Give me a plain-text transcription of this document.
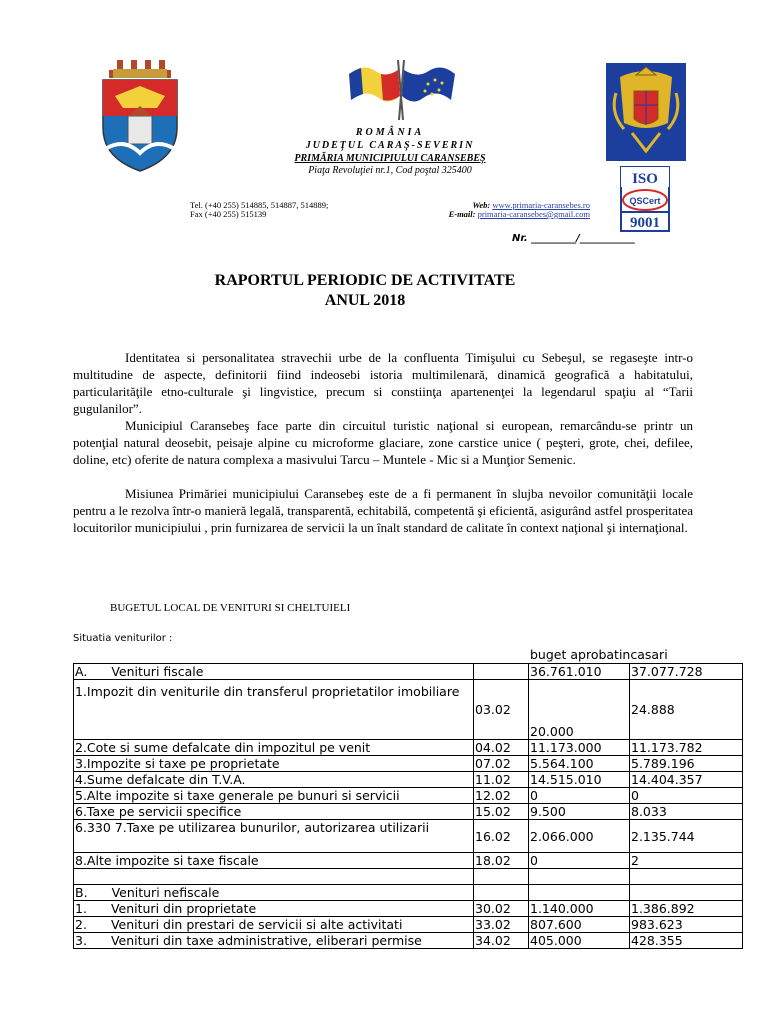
ISO
QSCert
9001
ROMÂNIA
JUDEŢUL CARAŞ-SEVERIN
PRIMĂRIA MUNICIPIULUI CARANSEBEŞ
Piaţa Revoluţiei nr.1, Cod poştal 325400
Tel. (+40 255) 514885, 514887, 514889;
Fax (+40 255) 515139
Web: www.primaria-caransebes.ro
E-mail: primaria-caransebes@gmail.com
Nr. _________/___________
RAPORTUL PERIODIC DE ACTIVITATE
ANUL 2018
Identitatea si personalitatea stravechii urbe de la confluenta Timişului cu Sebeşul, se regaseşte intr-o multitudine de aspecte, definitorii fiind indeosebi istoria multimilenară, dinamică geografică a habitatului, particularităţile etno-culturale şi lingvistice, precum si constiinţa apartenenţei la legendarul spaţiu al “Tarii gugulanilor”.
Municipiul Caransebeş face parte din circuitul turistic naţional si european, remarcându-se printr un potenţial natural deosebit, peisaje alpine cu microforme glaciare, zone carstice unice ( peşteri, grote, chei, defilee, doline, etc) oferite de natura complexa a masivului Tarcu – Muntele - Mic si a Munţior Semenic.
Misiunea Primăriei municipiului Caransebeş este de a fi permanent în slujba nevoilor comunităţii locale pentru a le rezolva într-o manieră legală, transparentă, echitabilă, competentă şi eficientă, asigurând astfel prosperitatea locuitorilor municipiului , prin furnizarea de servicii la un înalt standard de calitate în context naţional şi internaţional.
BUGETUL LOCAL DE VENITURI SI CHELTUIELI
Situatia veniturilor :
buget aprobatincasari
A. Venituri fiscale		36.761.010	37.077.728
1.Impozit din veniturile din transferul proprietatilor imobiliare	03.02	20.000	24.888
2.Cote si sume defalcate din impozitul pe venit	04.02	11.173.000	11.173.782
3.Impozite si taxe pe proprietate	07.02	5.564.100	5.789.196
4.Sume defalcate din T.V.A.	11.02	14.515.010	14.404.357
5.Alte impozite si taxe generale pe bunuri si servicii	12.02	0	0
6.Taxe pe servicii specifice	15.02	9.500	8.033
6.330 7.Taxe pe utilizarea bunurilor, autorizarea utilizarii	16.02	2.066.000	2.135.744
8.Alte impozite si taxe fiscale	18.02	0	2

B. Venituri nefiscale			
1. Venituri din proprietate	30.02	1.140.000	1.386.892
2. Venituri din prestari de servicii si alte activitati	33.02	807.600	983.623
3. Venituri din taxe administrative, eliberari permise	34.02	405.000	428.355
